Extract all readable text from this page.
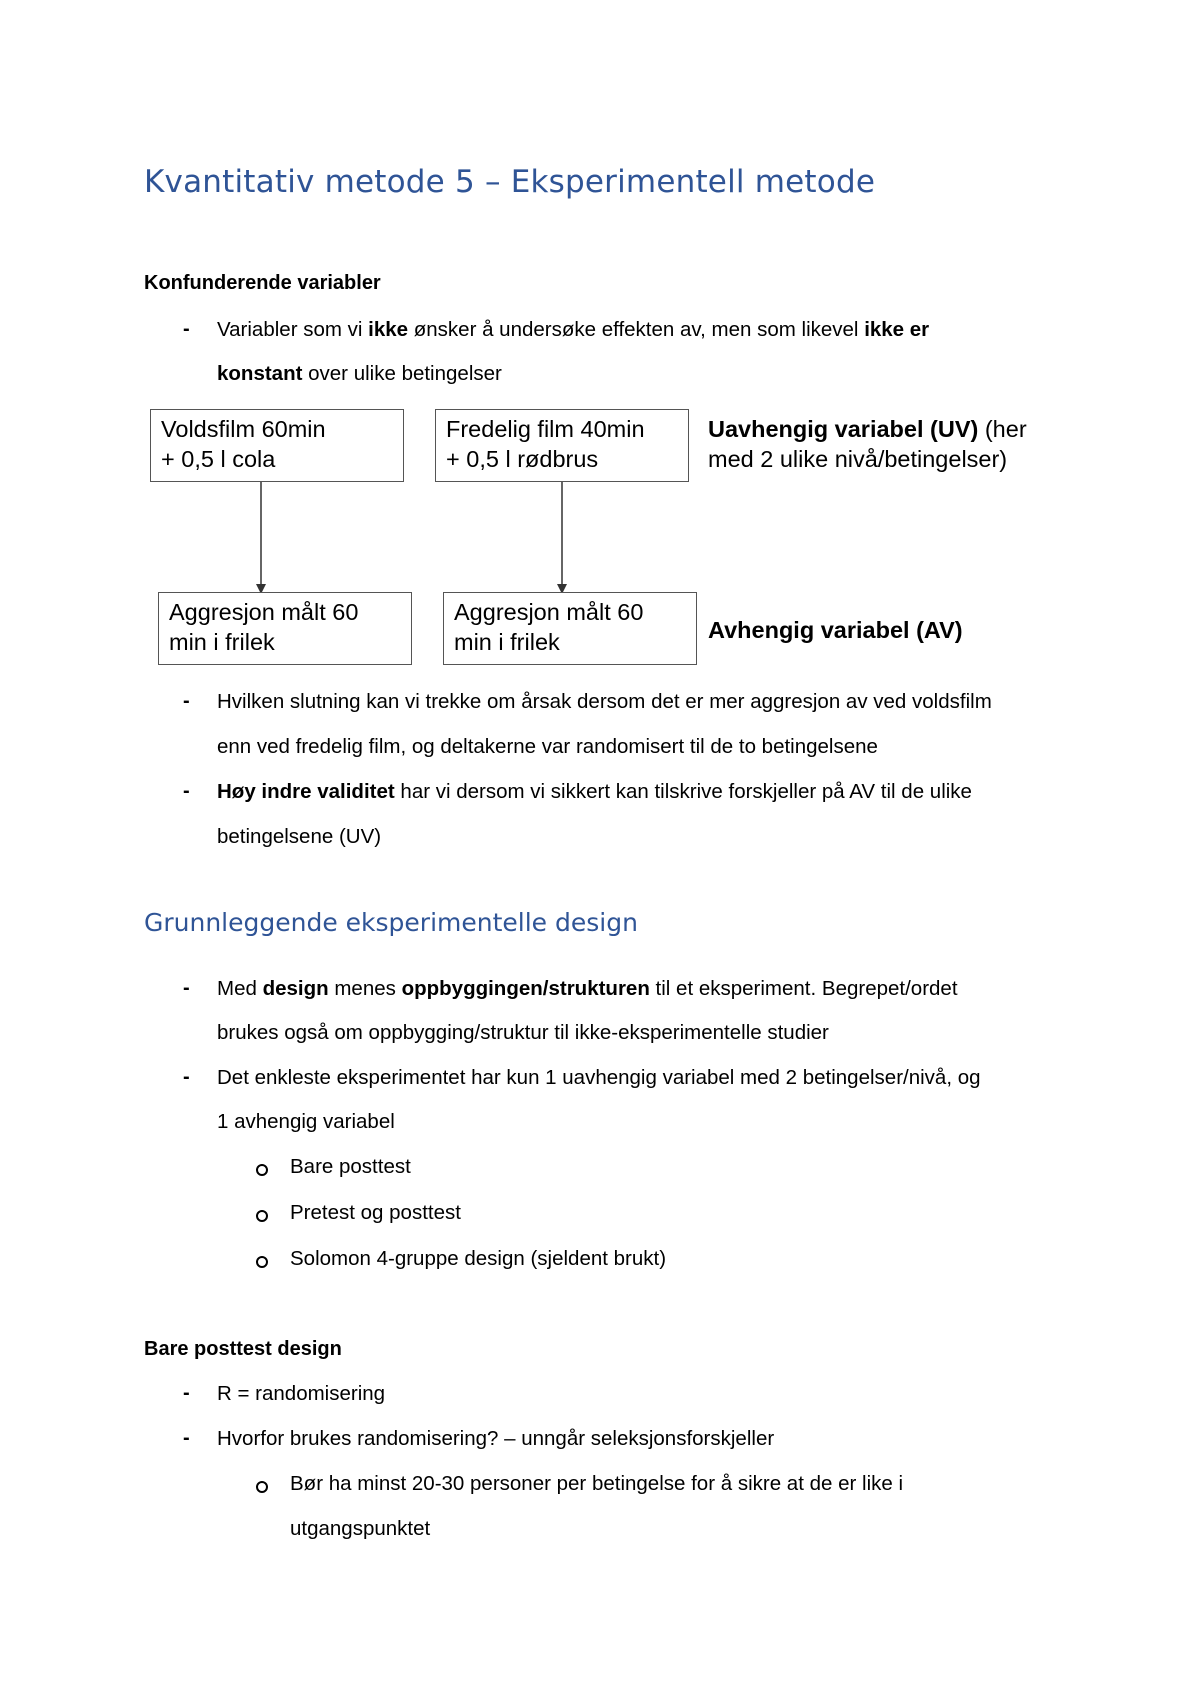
Kvantitativ metode 5 – Eksperimentell metode
Konfunderende variabler
- Variabler som vi ikke ønsker å undersøke effekten av, men som likevel ikke er
konstant over ulike betingelser
Voldsfilm 60min
+ 0,5 l cola
Fredelig film 40min
+ 0,5 l rødbrus
Uavhengig variabel (UV) (her
med 2 ulike nivå/betingelser)
Aggresjon målt 60
min i frilek
Aggresjon målt 60
min i frilek	Avhengig variabel (AV)
- Hvilken slutning kan vi trekke om årsak dersom det er mer aggresjon av ved voldsfilm
enn ved fredelig film, og deltakerne var randomisert til de to betingelsene
- Høy indre validitet har vi dersom vi sikkert kan tilskrive forskjeller på AV til de ulike
betingelsene (UV)
Grunnleggende eksperimentelle design
- Med design menes oppbyggingen/strukturen til et eksperiment. Begrepet/ordet
brukes også om oppbygging/struktur til ikke-eksperimentelle studier
- Det enkleste eksperimentet har kun 1 uavhengig variabel med 2 betingelser/nivå, og
1 avhengig variabel
Bare posttest
Pretest og posttest
Solomon 4-gruppe design (sjeldent brukt)
Bare posttest design
- R = randomisering
- Hvorfor brukes randomisering? – unngår seleksjonsforskjeller
Bør ha minst 20-30 personer per betingelse for å sikre at de er like i
utgangspunktet
